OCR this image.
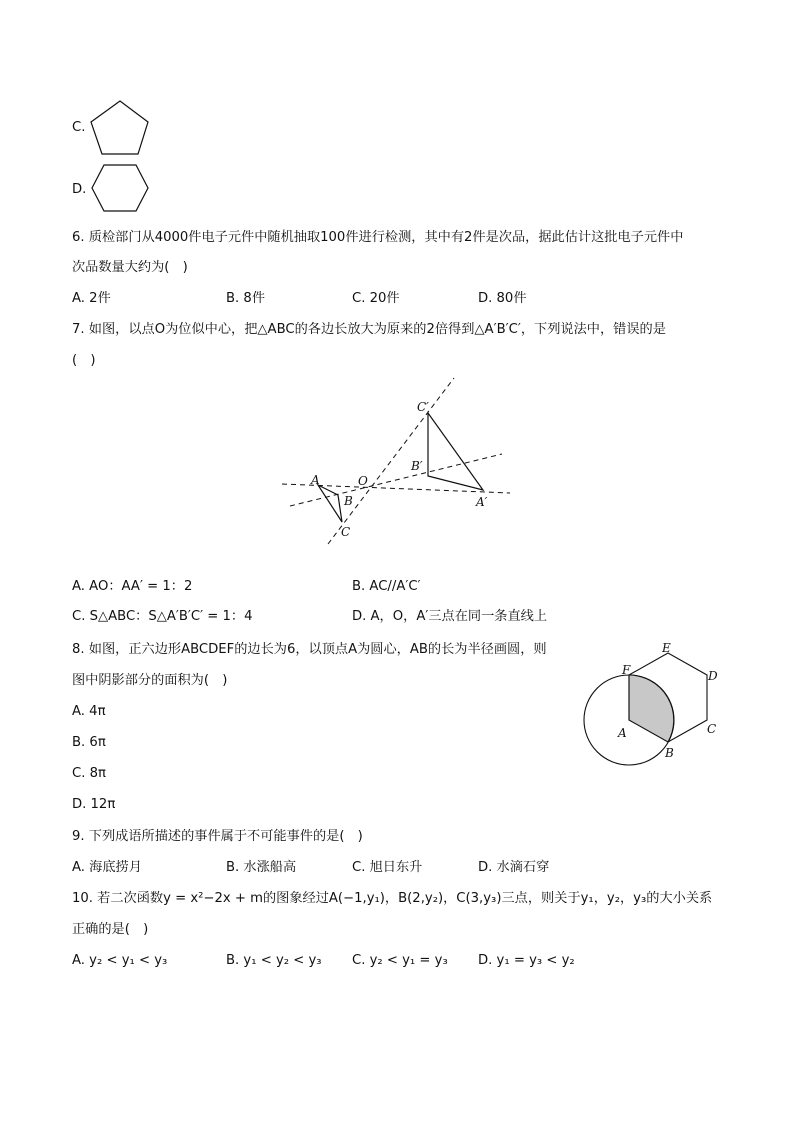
C.
D.
6. 质检部门从4000件电子元件中随机抽取100件进行检测，其中有2件是次品，据此估计这批电子元件中
次品数量大约为(　)
A. 2件	B. 8件	C. 20件	D. 80件
7. 如图，以点O为位似中心，把△ABC的各边长放大为原来的2倍得到△A′B′C′，下列说法中，错误的是
(　)
A
B
C
O
A′
B′
C′
A. AO：AA′ = 1：2	B. AC//A′C′
C. S△ABC：S△A′B′C′ = 1：4	D. A，O，A′三点在同一条直线上
8. 如图，正六边形ABCDEF的边长为6，以顶点A为圆心，AB的长为半径画圆，则
图中阴影部分的面积为(　)
A. 4π
B. 6π
C. 8π
D. 12π
A
B
C
D
E
F
9. 下列成语所描述的事件属于不可能事件的是(　)
A. 海底捞月	B. 水涨船高	C. 旭日东升	D. 水滴石穿
10. 若二次函数y = x²−2x + m的图象经过A(−1,y₁)，B(2,y₂)，C(3,y₃)三点，则关于y₁，y₂，y₃的大小关系
正确的是(　)
A. y₂ < y₁ < y₃	B. y₁ < y₂ < y₃ C. y₂ < y₁ = y₃ D. y₁ = y₃ < y₂
